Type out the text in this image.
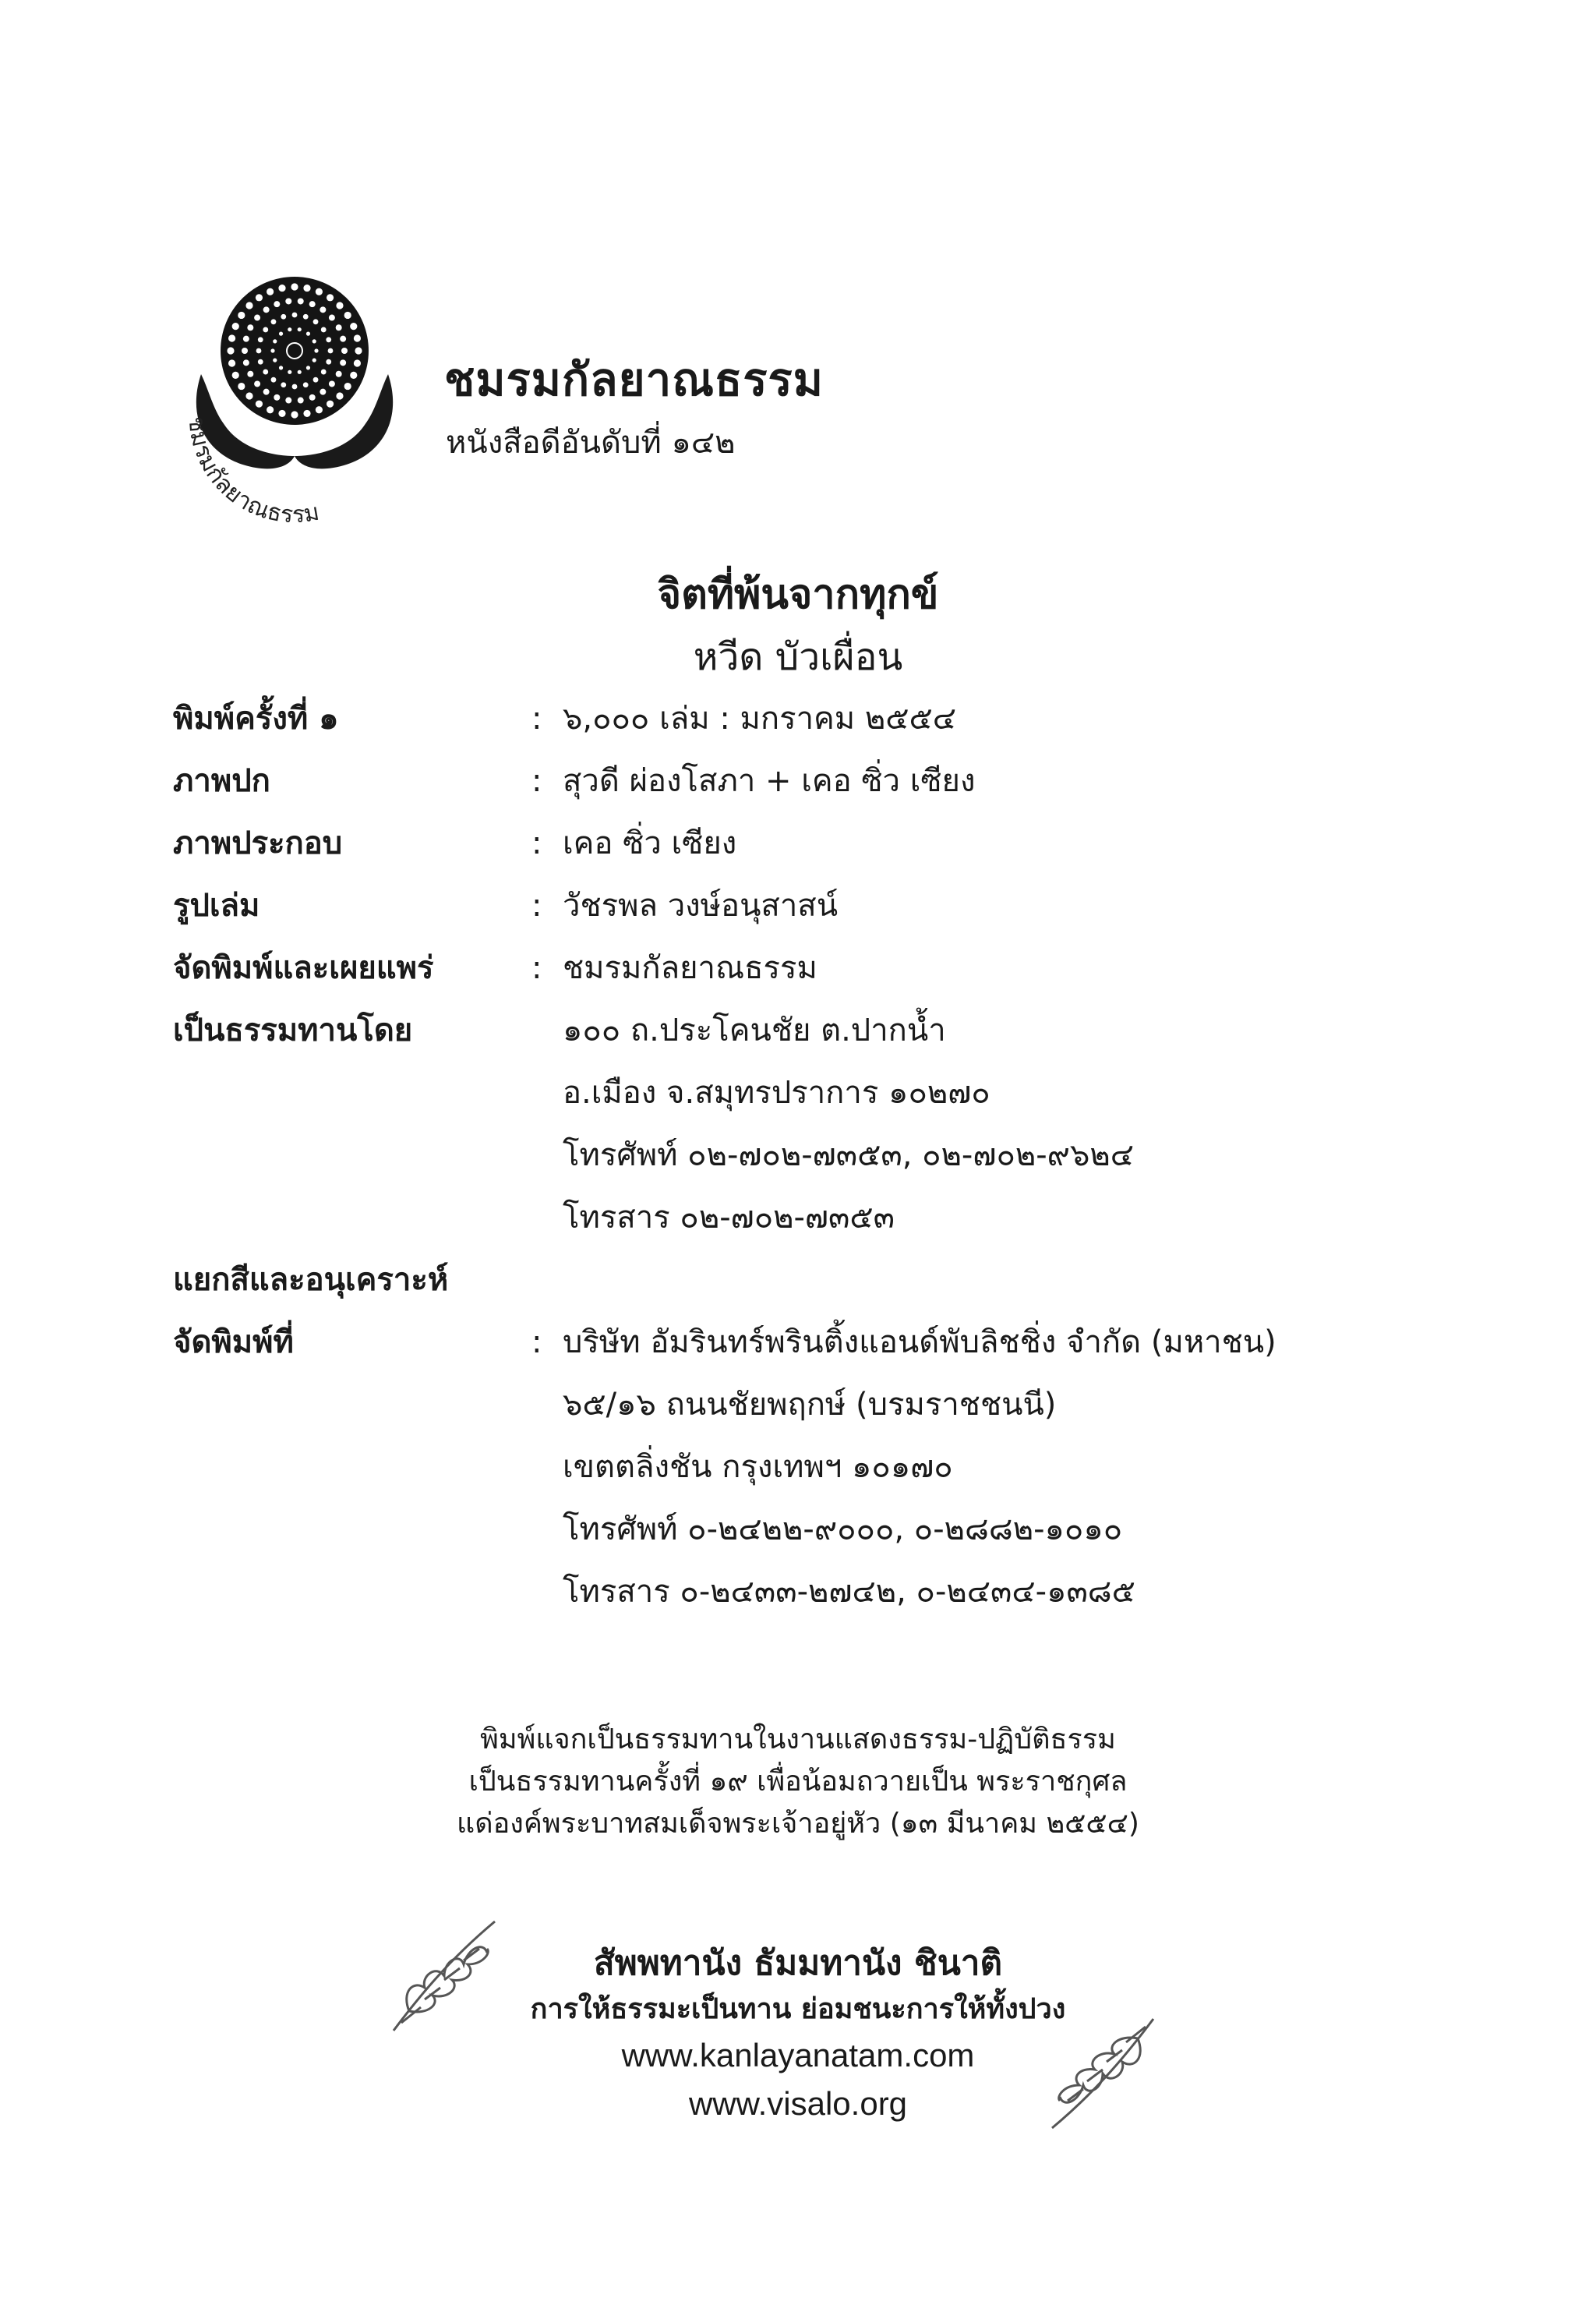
ชมรมกัลยาณธรรม
ชมรมกัลยาณธรรม
หนังสือดีอันดับที่ ๑๔๒
จิตที่พ้นจากทุกข์
หวีด บัวเผื่อน
พิมพ์ครั้งที่ ๑	: ๖,๐๐๐ เล่ม : มกราคม ๒๕๕๔
ภาพปก	: สุวดี ผ่องโสภา + เคอ ซิ่ว เซียง
ภาพประกอบ	: เคอ ซิ่ว เซียง
รูปเล่ม	: วัชรพล วงษ์อนุสาสน์
จัดพิมพ์และเผยแพร่	: ชมรมกัลยาณธรรม
เป็นธรรมทานโดย	๑๐๐ ถ.ประโคนชัย ต.ปากน้ำ
อ.เมือง จ.สมุทรปราการ ๑๐๒๗๐
โทรศัพท์ ๐๒-๗๐๒-๗๓๕๓, ๐๒-๗๐๒-๙๖๒๔
โทรสาร ๐๒-๗๐๒-๗๓๕๓
แยกสีและอนุเคราะห์
จัดพิมพ์ที่	: บริษัท อัมรินทร์พรินติ้งแอนด์พับลิชชิ่ง จำกัด (มหาชน)
๖๕/๑๖ ถนนชัยพฤกษ์ (บรมราชชนนี)
เขตตลิ่งชัน กรุงเทพฯ ๑๐๑๗๐
โทรศัพท์ ๐-๒๔๒๒-๙๐๐๐, ๐-๒๘๘๒-๑๐๑๐
โทรสาร ๐-๒๔๓๓-๒๗๔๒, ๐-๒๔๓๔-๑๓๘๕
พิมพ์แจกเป็นธรรมทานในงานแสดงธรรม-ปฏิบัติธรรม
เป็นธรรมทานครั้งที่ ๑๙ เพื่อน้อมถวายเป็น พระราชกุศล
แด่องค์พระบาทสมเด็จพระเจ้าอยู่หัว (๑๓ มีนาคม ๒๕๕๔)
สัพพทานัง ธัมมทานัง ชินาติ
การให้ธรรมะเป็นทาน ย่อมชนะการให้ทั้งปวง
www.kanlayanatam.com
www.visalo.org
